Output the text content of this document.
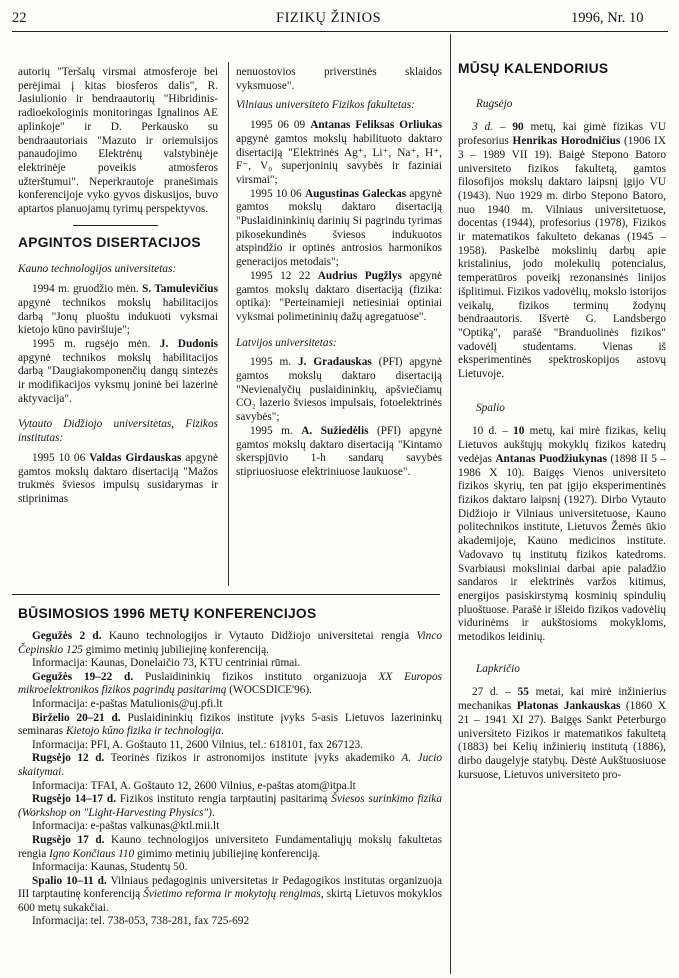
22	FIZIKŲ ŽINIOS	1996, Nr. 10

autorių "Teršalų virsmai atmosferoje bei perėjimai į kitas biosferos dalis", R. Jasiulionio ir bendraautorių "Hibridinis-radioekologinis monitoringas Ignalinos AE aplinkoje" ir D. Perkausko su bendraautoriais "Mazuto ir oriemulsijos panaudojimo Elektrėnų valstybinėje elektrinėje poveikis atmosferos užterštumui". Neperkrautoje pranešimais konferencijoje vyko gyvos diskusijos, buvo aptartos planuojamų tyrimų perspektyvos.

APGINTOS DISERTACIJOS

Kauno technologijos universitetas:

1994 m. gruodžio mėn. S. Tamulevičius apgynė technikos mokslų habilitacijos darbą "Jonų pluoštu indukuoti vyksmai kietojo kūno paviršiuje";

1995 m. rugsėjo mėn. J. Dudonis apgynė technikos mokslų habilitacijos darbą "Daugiakomponenčių dangų sintezės ir modifikacijos vyksmų joninė bei lazerinė aktyvacija".

Vytauto Didžiojo universitetas, Fizikos institutas:

1995 10 06 Valdas Girdauskas apgynė gamtos mokslų daktaro disertaciją "Mažos trukmės šviesos impulsų susidarymas ir stiprinimas

nenuostovios priverstinės sklaidos vyksmuose".

Vilniaus universiteto Fizikos fakultetas:

1995 06 09 Antanas Feliksas Orliukas apgynė gamtos mokslų habilituoto daktaro disertaciją "Elektrinės Ag⁺, Li⁺, Na⁺, H⁺, F⁻, V₀ superjoninių savybės ir faziniai virsmai";

1995 10 06 Augustinas Galeckas apgynė gamtos mokslų daktaro disertaciją "Puslaidininkinių darinių Si pagrindu tyrimas pikosekundinės šviesos indukuotos atspindžio ir optinės antrosios harmonikos generacijos metodais";

1995 12 22 Audrius Pugžlys apgynė gamtos mokslų daktaro disertaciją (fizika: optika): "Perteinamieji netiesiniai optiniai vyksmai polimetininių dažų agregatuose".

Latvijos universitetas:

1995 m. J. Gradauskas (PFI) apgynė gamtos mokslų daktaro disertaciją "Nevienalyčių puslaidininkių, apšviečiamų CO₂ lazerio šviesos impulsais, fotoelektrinės savybės";

1995 m. A. Sužiedėlis (PFI) apgynė gamtos mokslų daktaro disertaciją "Kintamo skerspjūvio 1-h sandarų savybės stipriuosiuose elektriniuose laukuose".

MŪSŲ KALENDORIUS

Rugsėjo

3 d. – 90 metų, kai gimė fizikas VU profesorius Henrikas Horodničius (1906 IX 3 – 1989 VII 19). Baigė Stepono Batoro universiteto fizikos fakultetą, gamtos filosofijos mokslų daktaro laipsnį įgijo VU (1943). Nuo 1929 m. dirbo Stepono Batoro, nuo 1940 m. Vilniaus universitetuose, docentas (1944), profesorius (1978), Fizikos ir matematikos fakulteto dekanas (1945 – 1958). Paskelbė mokslinių darbų apie kristalinius, jodo molekulių potencialus, temperatūros poveikį rezonansinės linijos išplitimui. Fizikos vadovėlių, mokslo istorijos veikalų, fizikos terminų žodynų bendraautoris. Išvertė G. Landsbergo "Optiką", parašė "Branduolinės fizikos" vadovėlį studentams. Vienas iš eksperimentinės spektroskopijos astovų Lietuvoje.

Spalio

10 d. – 10 metų, kai mirė fizikas, kelių Lietuvos aukštųjų mokyklų fizikos katedrų vedėjas Antanas Puodžiukynas (1898 II 5 – 1986 X 10). Baigęs Vienos universiteto fizikos skyrių, ten pat įgijo eksperimentinės fizikos daktaro laipsnį (1927). Dirbo Vytauto Didžiojo ir Vilniaus universitetuose, Kauno politechnikos institute, Lietuvos Žemės ūkio akademijoje, Kauno medicinos institute. Vadovavo tų institutų fizikos katedroms. Svarbiausi moksliniai darbai apie paladžio sandaros ir elektrinės varžos kitimus, energijos pasiskirstymą kosminių spindulių pluoštuose. Parašė ir išleido fizikos vadovėlių vidurinėms ir aukštosioms mokykloms, metodikos leidinių.

Lapkričio

27 d. – 55 metai, kai mirė inžinierius mechanikas Platonas Jankauskas (1860 X 21 – 1941 XI 27). Baigęs Sankt Peterburgo universiteto Fizikos ir matematikos fakultetą (1883) bei Kelių inžinierių institutą (1886), dirbo daugelyje statybų. Dėstė Aukštuosiuose kursuose, Lietuvos universiteto pro-

BŪSIMOSIOS 1996 METŲ KONFERENCIJOS

Gegužės 2 d. Kauno technologijos ir Vytauto Didžiojo universitetai rengia Vinco Čepinskio 125 gimimo metinių jubiliejinę konferenciją.

Informacija: Kaunas, Donelaičio 73, KTU centriniai rūmai.

Gegužės 19–22 d. Puslaidininkių fizikos instituto organizuoja XX Europos mikroelektronikos fizikos pagrindų pasitarimą (WOCSDICE'96).

Informacija: e-paštas Matulionis@uj.pfi.lt

Birželio 20–21 d. Puslaidininkių fizikos institute įvyks 5-asis Lietuvos lazerininkų seminaras Kietojo kūno fizika ir technologija.

Informacija: PFI, A. Goštauto 11, 2600 Vilnius, tel.: 618101, fax 267123.

Rugsėjo 12 d. Teorinės fizikos ir astronomijos institute įvyks akademiko A. Jucio skaitymai.

Informacija: TFAI, A. Goštauto 12, 2600 Vilnius, e-paštas atom@itpa.lt

Rugsėjo 14–17 d. Fizikos instituto rengia tarptautinį pasitarimą Šviesos surinkimo fizika (Workshop on "Light-Harvesting Physics").

Informacija: e-paštas valkunas@ktl.mii.lt

Rugsėjo 17 d. Kauno technologijos universiteto Fundamentaliųjų mokslų fakultetas rengia Igno Končiaus 110 gimimo metinių jubiliejinę konferenciją.

Informacija: Kaunas, Studentų 50.

Spalio 10–11 d. Vilniaus pedagoginis universitetas ir Pedagogikos institutas organizuoja III tarptautinę konferenciją Švietimo reforma ir mokytojų rengimas, skirtą Lietuvos mokyklos 600 metų sukakčiai.

Informacija: tel. 738-053, 738-281, fax 725-692
